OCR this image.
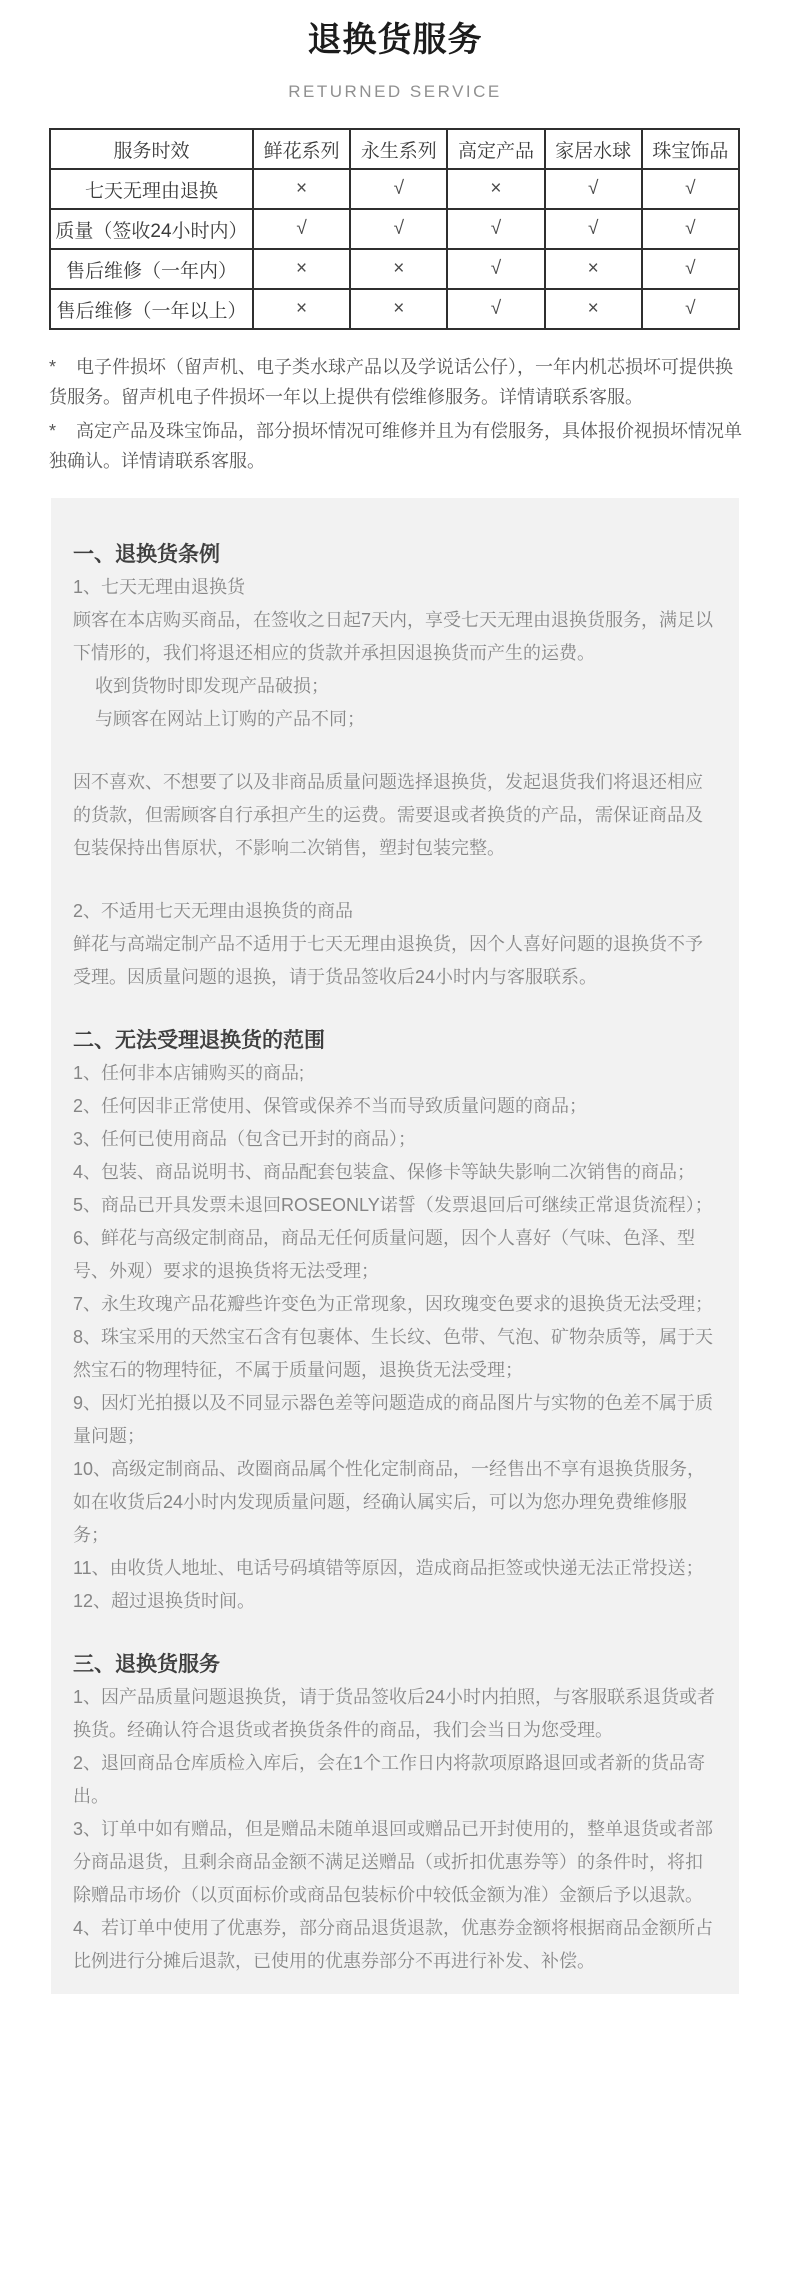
退换货服务
RETURNED SERVICE
服务时效	鲜花系列	永生系列	高定产品	家居水球	珠宝饰品
七天无理由退换	×	√	×	√	√
质量（签收24小时内）	√	√	√	√	√
售后维修（一年内）	×	×	√	×	√
售后维修（一年以上）	×	×	√	×	√

*    电子件损坏（留声机、电子类水球产品以及学说话公仔），一年内机芯损坏可提供换货服务。留声机电子件损坏一年以上提供有偿维修服务。详情请联系客服。

*    高定产品及珠宝饰品，部分损坏情况可维修并且为有偿服务，具体报价视损坏情况单独确认。详情请联系客服。

一、退换货条例

1、七天无理由退换货

顾客在本店购买商品，在签收之日起7天内，享受七天无理由退换货服务，满足以下情形的，我们将退还相应的货款并承担因退换货而产生的运费。

收到货物时即发现产品破损；

与顾客在网站上订购的产品不同；

因不喜欢、不想要了以及非商品质量问题选择退换货，发起退货我们将退还相应的货款，但需顾客自行承担产生的运费。需要退或者换货的产品，需保证商品及包装保持出售原状，不影响二次销售，塑封包装完整。

2、不适用七天无理由退换货的商品

鲜花与高端定制产品不适用于七天无理由退换货，因个人喜好问题的退换货不予受理。因质量问题的退换，请于货品签收后24小时内与客服联系。

二、无法受理退换货的范围

1、任何非本店铺购买的商品;

2、任何因非正常使用、保管或保养不当而导致质量问题的商品；

3、任何已使用商品（包含已开封的商品）；

4、包装、商品说明书、商品配套包装盒、保修卡等缺失影响二次销售的商品；

5、商品已开具发票未退回ROSEONLY诺誓（发票退回后可继续正常退货流程）；

6、鲜花与高级定制商品，商品无任何质量问题，因个人喜好（气味、色泽、型号、外观）要求的退换货将无法受理；

7、永生玫瑰产品花瓣些许变色为正常现象，因玫瑰变色要求的退换货无法受理；

8、珠宝采用的天然宝石含有包裹体、生长纹、色带、气泡、矿物杂质等，属于天然宝石的物理特征，不属于质量问题，退换货无法受理；

9、因灯光拍摄以及不同显示器色差等问题造成的商品图片与实物的色差不属于质量问题；

10、高级定制商品、改圈商品属个性化定制商品，一经售出不享有退换货服务，如在收货后24小时内发现质量问题，经确认属实后，可以为您办理免费维修服务；

11、由收货人地址、电话号码填错等原因，造成商品拒签或快递无法正常投送；

12、超过退换货时间。

三、退换货服务

1、因产品质量问题退换货，请于货品签收后24小时内拍照，与客服联系退货或者换货。经确认符合退货或者换货条件的商品，我们会当日为您受理。

2、退回商品仓库质检入库后，会在1个工作日内将款项原路退回或者新的货品寄出。

3、订单中如有赠品，但是赠品未随单退回或赠品已开封使用的，整单退货或者部分商品退货，且剩余商品金额不满足送赠品（或折扣优惠券等）的条件时，将扣除赠品市场价（以页面标价或商品包装标价中较低金额为准）金额后予以退款。

4、若订单中使用了优惠券，部分商品退货退款，优惠券金额将根据商品金额所占比例进行分摊后退款，已使用的优惠券部分不再进行补发、补偿。
